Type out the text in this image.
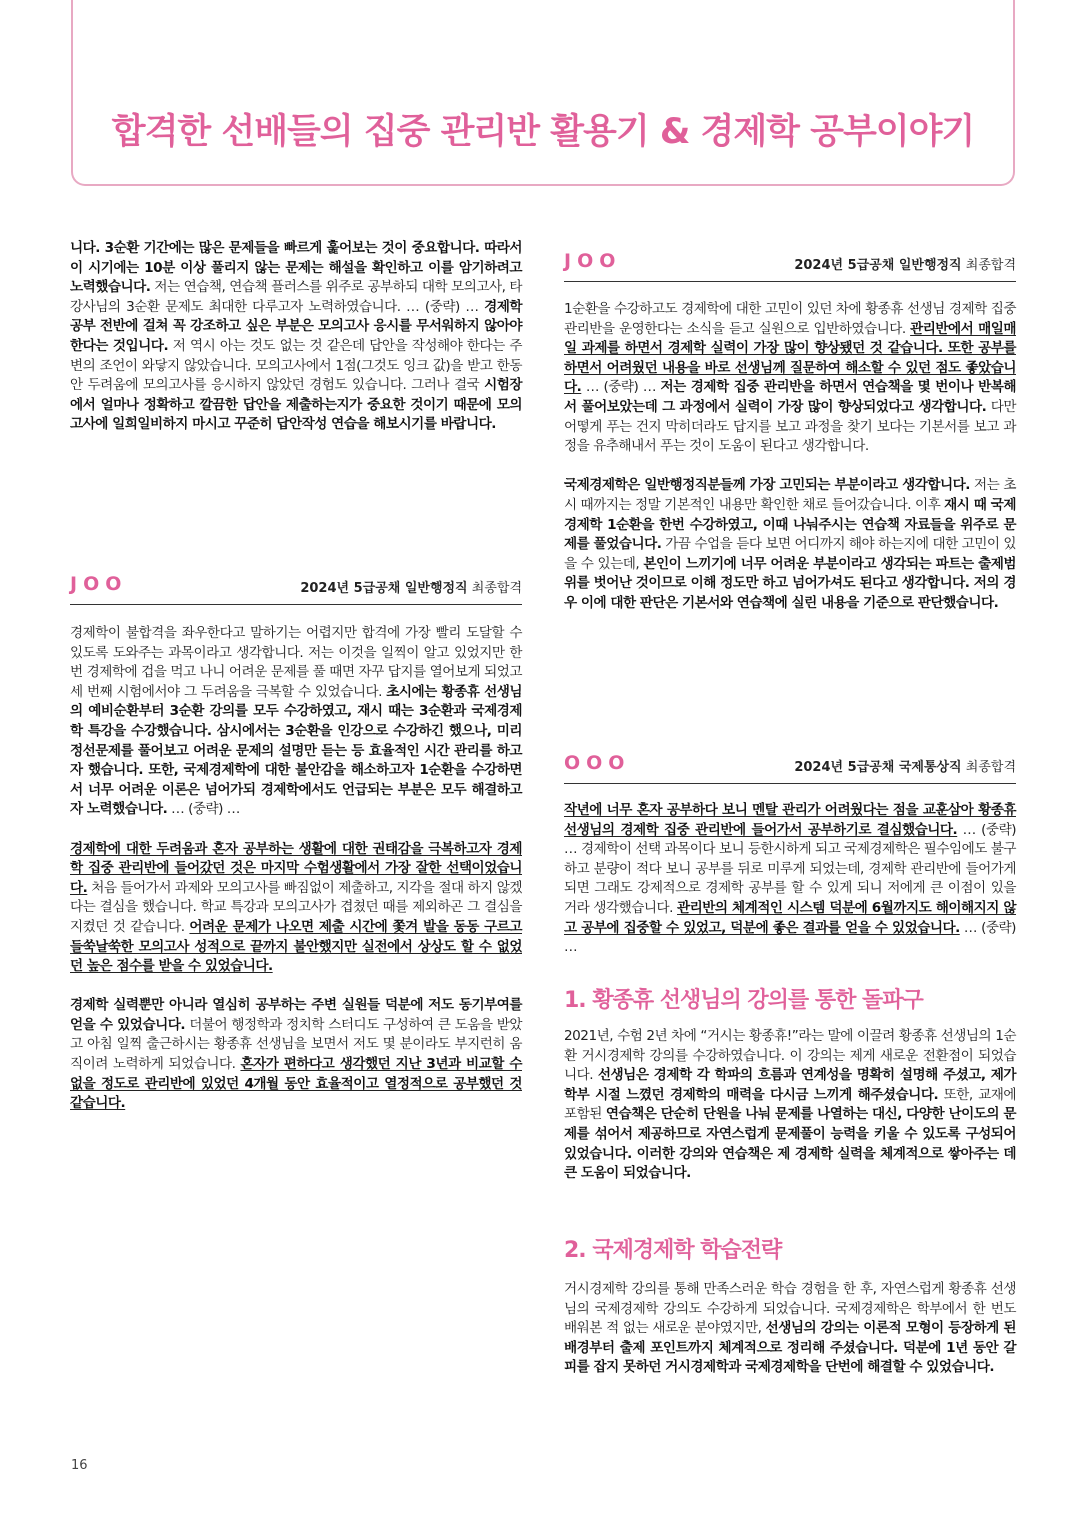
합격한 선배들의 집중 관리반 활용기 & 경제학 공부이야기

니다. 3순환 기간에는 많은 문제들을 빠르게 훑어보는 것이 중요합니다. 따라서 이 시기에는 10분 이상 풀리지 않는 문제는 해설을 확인하고 이를 암기하려고 노력했습니다. 저는 연습책, 연습책 플러스를 위주로 공부하되 대학 모의고사, 타 강사님의 3순환 문제도 최대한 다루고자 노력하였습니다. … (중략) … 경제학 공부 전반에 걸쳐 꼭 강조하고 싶은 부분은 모의고사 응시를 무서워하지 않아야 한다는 것입니다. 저 역시 아는 것도 없는 것 같은데 답안을 작성해야 한다는 주변의 조언이 와닿지 않았습니다. 모의고사에서 1점(그것도 잉크 값)을 받고 한동안 두려움에 모의고사를 응시하지 않았던 경험도 있습니다. 그러나 결국 시험장에서 얼마나 정확하고 깔끔한 답안을 제출하는지가 중요한 것이기 때문에 모의고사에 일희일비하지 마시고 꾸준히 답안작성 연습을 해보시기를 바랍니다.

JOO	2024년 5급공채 일반행정직 최종합격

경제학이 불합격을 좌우한다고 말하기는 어렵지만 합격에 가장 빨리 도달할 수 있도록 도와주는 과목이라고 생각합니다. 저는 이것을 일찍이 알고 있었지만 한번 경제학에 겁을 먹고 나니 어려운 문제를 풀 때면 자꾸 답지를 열어보게 되었고 세 번째 시험에서야 그 두려움을 극복할 수 있었습니다. 초시에는 황종휴 선생님의 예비순환부터 3순환 강의를 모두 수강하였고, 재시 때는 3순환과 국제경제학 특강을 수강했습니다. 삼시에서는 3순환을 인강으로 수강하긴 했으나, 미리 정선문제를 풀어보고 어려운 문제의 설명만 듣는 등 효율적인 시간 관리를 하고자 했습니다. 또한, 국제경제학에 대한 불안감을 해소하고자 1순환을 수강하면서 너무 어려운 이론은 넘어가되 경제학에서도 언급되는 부분은 모두 해결하고자 노력했습니다. … (중략) …

경제학에 대한 두려움과 혼자 공부하는 생활에 대한 권태감을 극복하고자 경제학 집중 관리반에 들어갔던 것은 마지막 수험생활에서 가장 잘한 선택이었습니다. 처음 들어가서 과제와 모의고사를 빠짐없이 제출하고, 지각을 절대 하지 않겠다는 결심을 했습니다. 학교 특강과 모의고사가 겹쳤던 때를 제외하곤 그 결심을 지켰던 것 같습니다. 어려운 문제가 나오면 제출 시간에 쫓겨 발을 동동 구르고 들쑥날쑥한 모의고사 성적으로 끝까지 불안했지만 실전에서 상상도 할 수 없었던 높은 점수를 받을 수 있었습니다.

경제학 실력뿐만 아니라 열심히 공부하는 주변 실원들 덕분에 저도 동기부여를 얻을 수 있었습니다. 더불어 행정학과 정치학 스터디도 구성하여 큰 도움을 받았고 아침 일찍 출근하시는 황종휴 선생님을 보면서 저도 몇 분이라도 부지런히 움직이려 노력하게 되었습니다. 혼자가 편하다고 생각했던 지난 3년과 비교할 수 없을 정도로 관리반에 있었던 4개월 동안 효율적이고 열정적으로 공부했던 것 같습니다.

JOO	2024년 5급공채 일반행정직 최종합격

1순환을 수강하고도 경제학에 대한 고민이 있던 차에 황종휴 선생님 경제학 집중 관리반을 운영한다는 소식을 듣고 실원으로 입반하였습니다. 관리반에서 매일매일 과제를 하면서 경제학 실력이 가장 많이 향상됐던 것 같습니다. 또한 공부를 하면서 어려웠던 내용을 바로 선생님께 질문하여 해소할 수 있던 점도 좋았습니다. … (중략) … 저는 경제학 집중 관리반을 하면서 연습책을 몇 번이나 반복해서 풀어보았는데 그 과정에서 실력이 가장 많이 향상되었다고 생각합니다. 다만 어떻게 푸는 건지 막히더라도 답지를 보고 과정을 찾기 보다는 기본서를 보고 과정을 유추해내서 푸는 것이 도움이 된다고 생각합니다.

국제경제학은 일반행정직분들께 가장 고민되는 부분이라고 생각합니다. 저는 초시 때까지는 정말 기본적인 내용만 확인한 채로 들어갔습니다. 이후 재시 때 국제경제학 1순환을 한번 수강하였고, 이때 나눠주시는 연습책 자료들을 위주로 문제를 풀었습니다. 가끔 수업을 듣다 보면 어디까지 해야 하는지에 대한 고민이 있을 수 있는데, 본인이 느끼기에 너무 어려운 부분이라고 생각되는 파트는 출제범위를 벗어난 것이므로 이해 정도만 하고 넘어가셔도 된다고 생각합니다. 저의 경우 이에 대한 판단은 기본서와 연습책에 실린 내용을 기준으로 판단했습니다.

OOO	2024년 5급공채 국제통상직 최종합격

작년에 너무 혼자 공부하다 보니 멘탈 관리가 어려웠다는 점을 교훈삼아 황종휴 선생님의 경제학 집중 관리반에 들어가서 공부하기로 결심했습니다. … (중략) … 경제학이 선택 과목이다 보니 등한시하게 되고 국제경제학은 필수임에도 불구하고 분량이 적다 보니 공부를 뒤로 미루게 되었는데, 경제학 관리반에 들어가게 되면 그래도 강제적으로 경제학 공부를 할 수 있게 되니 저에게 큰 이점이 있을 거라 생각했습니다. 관리반의 체계적인 시스템 덕분에 6월까지도 해이해지지 않고 공부에 집중할 수 있었고, 덕분에 좋은 결과를 얻을 수 있었습니다. … (중략) …

1. 황종휴 선생님의 강의를 통한 돌파구

2021년, 수험 2년 차에 “거시는 황종휴!”라는 말에 이끌려 황종휴 선생님의 1순환 거시경제학 강의를 수강하였습니다. 이 강의는 제게 새로운 전환점이 되었습니다. 선생님은 경제학 각 학파의 흐름과 연계성을 명확히 설명해 주셨고, 제가 학부 시절 느꼈던 경제학의 매력을 다시금 느끼게 해주셨습니다. 또한, 교재에 포함된 연습책은 단순히 단원을 나눠 문제를 나열하는 대신, 다양한 난이도의 문제를 섞어서 제공하므로 자연스럽게 문제풀이 능력을 키울 수 있도록 구성되어 있었습니다. 이러한 강의와 연습책은 제 경제학 실력을 체계적으로 쌓아주는 데 큰 도움이 되었습니다.

2. 국제경제학 학습전략

거시경제학 강의를 통해 만족스러운 학습 경험을 한 후, 자연스럽게 황종휴 선생님의 국제경제학 강의도 수강하게 되었습니다. 국제경제학은 학부에서 한 번도 배워본 적 없는 새로운 분야였지만, 선생님의 강의는 이론적 모형이 등장하게 된 배경부터 출제 포인트까지 체계적으로 정리해 주셨습니다. 덕분에 1년 동안 갈피를 잡지 못하던 거시경제학과 국제경제학을 단번에 해결할 수 있었습니다.

16
